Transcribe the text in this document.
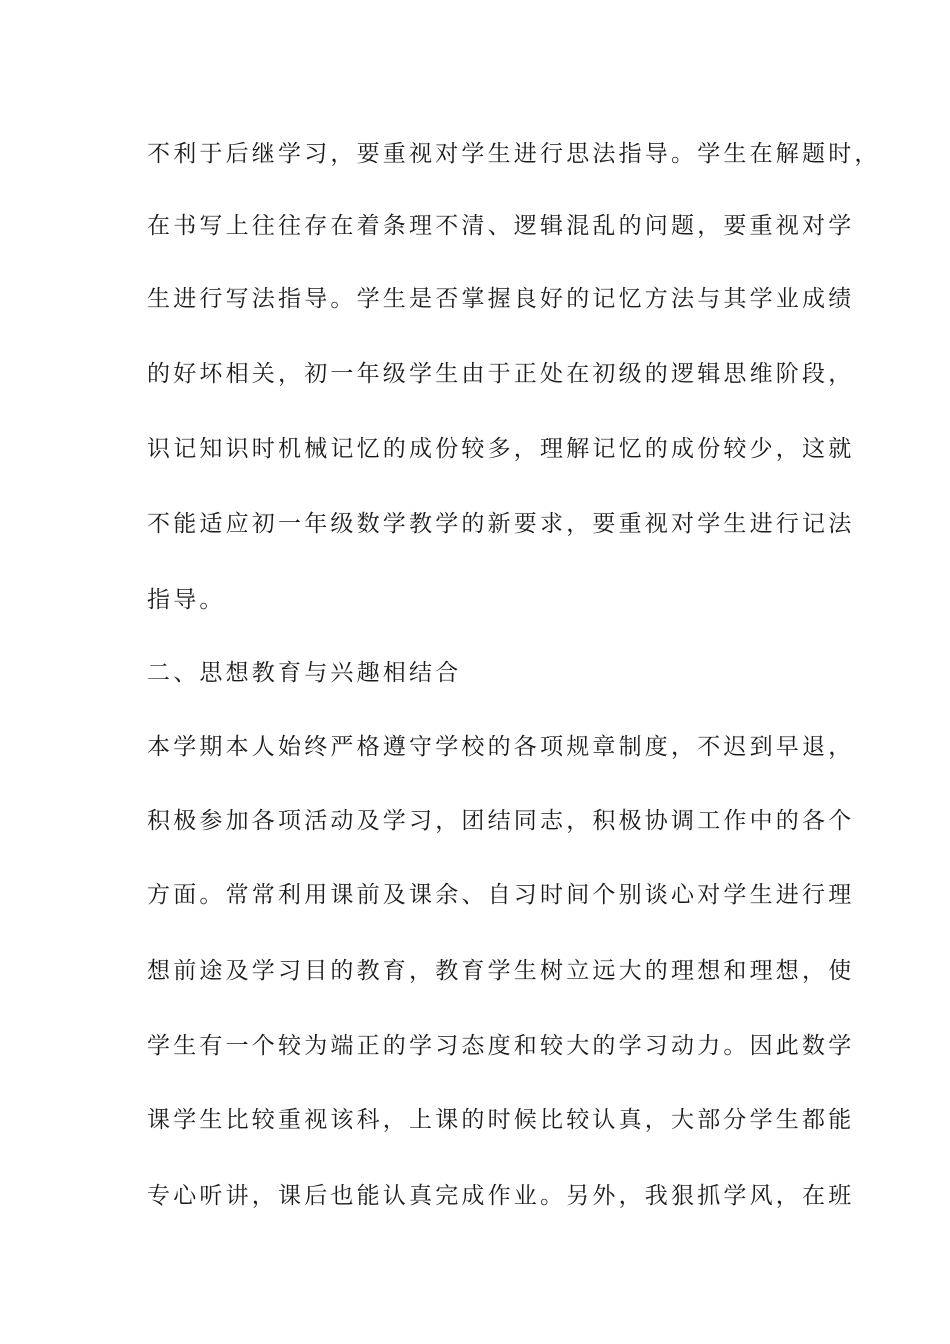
不利于后继学习，要重视对学生进行思法指导。学生在解题时，
在书写上往往存在着条理不清、逻辑混乱的问题，要重视对学
生进行写法指导。学生是否掌握良好的记忆方法与其学业成绩
的好坏相关，初一年级学生由于正处在初级的逻辑思维阶段，
识记知识时机械记忆的成份较多，理解记忆的成份较少，这就
不能适应初一年级数学教学的新要求，要重视对学生进行记法
指导。
二、思想教育与兴趣相结合
本学期本人始终严格遵守学校的各项规章制度，不迟到早退，
积极参加各项活动及学习，团结同志，积极协调工作中的各个
方面。常常利用课前及课余、自习时间个别谈心对学生进行理
想前途及学习目的教育，教育学生树立远大的理想和理想，使
学生有一个较为端正的学习态度和较大的学习动力。因此数学
课学生比较重视该科，上课的时候比较认真，大部分学生都能
专心听讲，课后也能认真完成作业。另外，我狠抓学风，在班
